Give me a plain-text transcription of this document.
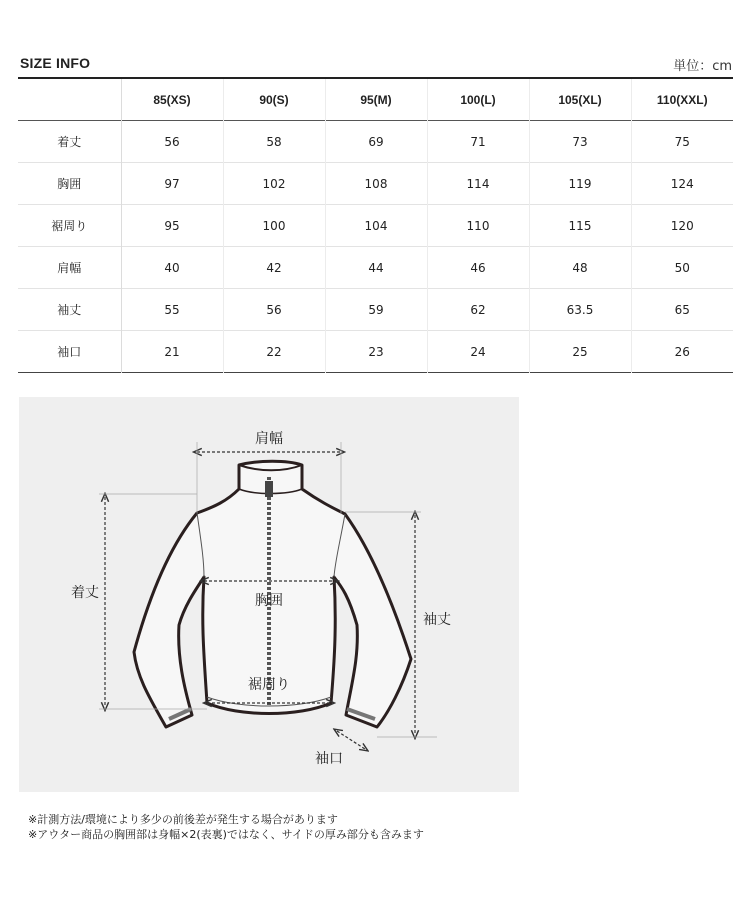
SIZE INFO	単位：cm
	85(XS)	90(S)	95(M)	100(L)	105(XL)	110(XXL)
着丈	56	58	69	71	73	75
胸囲	97	102	108	114	119	124
裾周り	95	100	104	110	115	120
肩幅	40	42	44	46	48	50
袖丈	55	56	59	62	63.5	65
袖口	21	22	23	24	25	26
肩幅
着丈	胸囲
袖丈
裾周り
袖口
※計測方法/環境により多少の前後差が発生する場合があります
※アウター商品の胸囲部は身幅×2(表裏)ではなく、サイドの厚み部分も含みます
